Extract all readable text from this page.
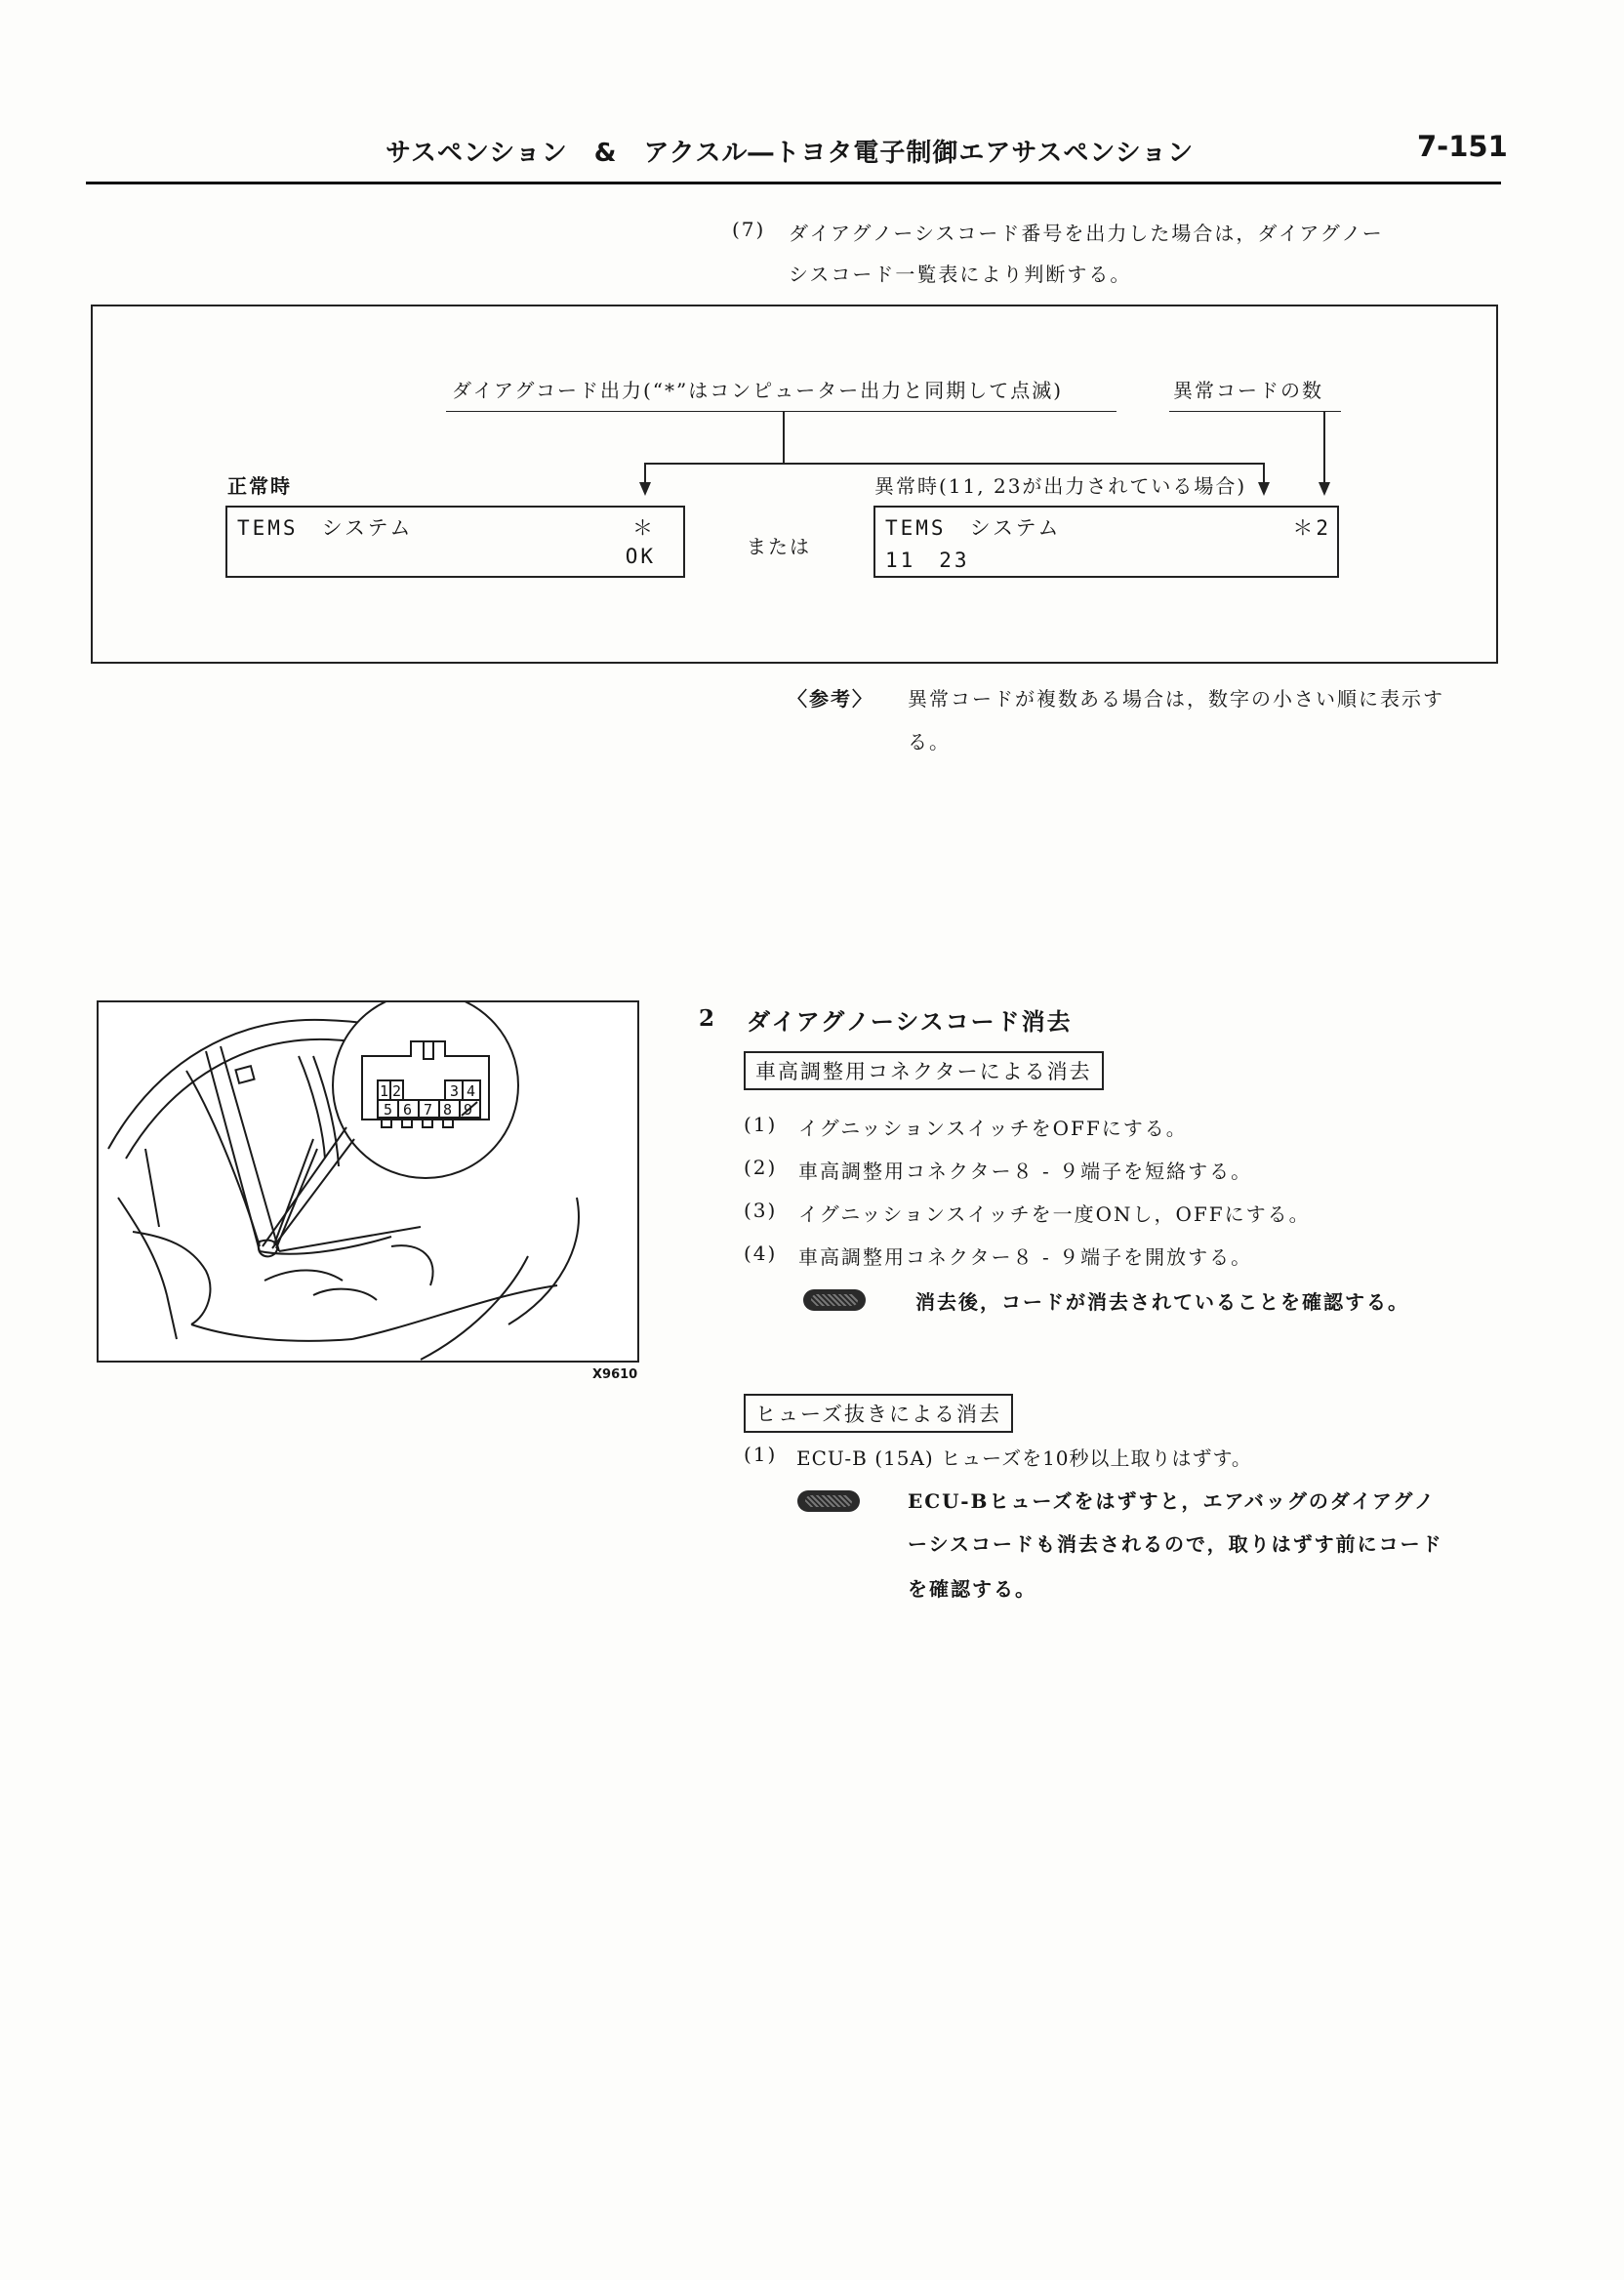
サスペンション　&　アクスル―トヨタ電子制御エアサスペンション	7-151
(7) ダイアグノーシスコード番号を出力した場合は，ダイアグノー
シスコード一覧表により判断する。
ダイアグコード出力(“*”はコンピューター出力と同期して点滅)	異常コードの数
正常時
TEMS　システム	＊
OK	または
異常時(11, 23が出力されている場合)
TEMS　システム	＊2
11　23
〈参考〉 異常コードが複数ある場合は，数字の小さい順に表示す
る。
2 ダイアグノーシスコード消去
車高調整用コネクターによる消去
(1) イグニッションスイッチをOFFにする。
(2) 車高調整用コネクター８ - ９端子を短絡する。
(3) イグニッションスイッチを一度ONし，OFFにする。
(4) 車高調整用コネクター８ - ９端子を開放する。
消去後，コードが消去されていることを確認する。
ヒューズ抜きによる消去
(1) ECU-B (15A) ヒューズを10秒以上取りはずす。
ECU-Bヒューズをはずすと，エアバッグのダイアグノ
ーシスコードも消去されるので，取りはずす前にコード
を確認する。
1 2	3 4
5 6 7 8 9
X9610
